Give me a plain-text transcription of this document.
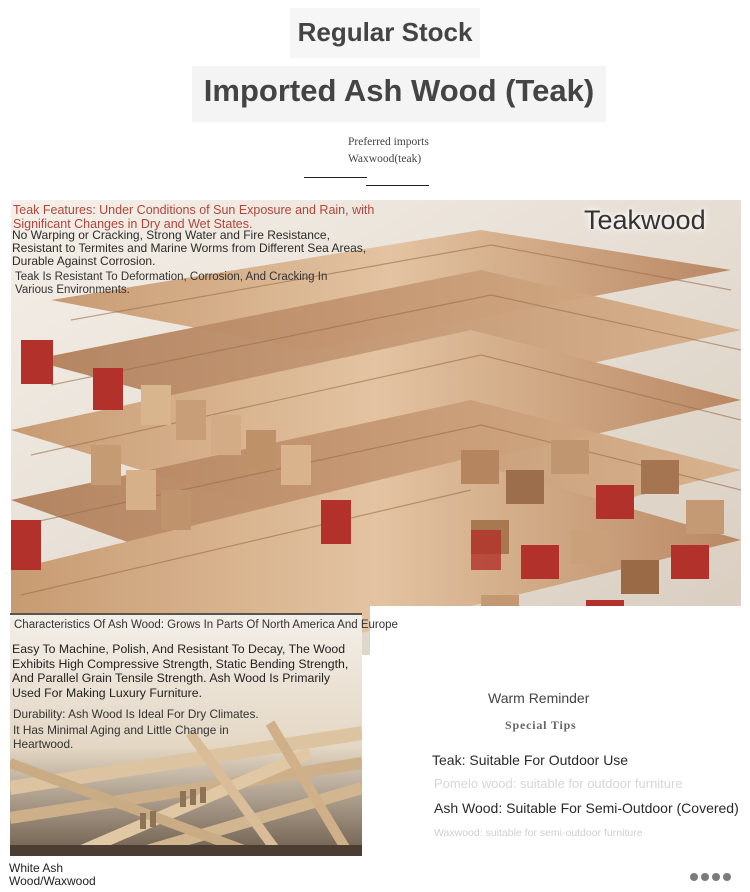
Regular Stock
Imported Ash Wood (Teak)
Preferred imports
Waxwood(teak)
Teak Features: Under Conditions of Sun Exposure and Rain, with Significant Changes in Dry and Wet States.
No Warping or Cracking, Strong Water and Fire Resistance, Resistant to Termites and Marine Worms from Different Sea Areas, Durable Against Corrosion.
Teak Is Resistant To Deformation, Corrosion, And Cracking In Various Environments.
Teakwood
Characteristics Of Ash Wood: Grows In Parts Of North America And Europe
Easy To Machine, Polish, And Resistant To Decay, The Wood Exhibits High Compressive Strength, Static Bending Strength, And Parallel Grain Tensile Strength. Ash Wood Is Primarily Used For Making Luxury Furniture.
Durability: Ash Wood Is Ideal For Dry Climates.
It Has Minimal Aging and Little Change in Heartwood.
White Ash Wood/Waxwood
Warm Reminder
Special Tips
Teak: Suitable For Outdoor Use
Pomelo wood: suitable for outdoor furniture
Ash Wood: Suitable For Semi-Outdoor (Covered)
Waxwood: suitable for semi-outdoor furniture
